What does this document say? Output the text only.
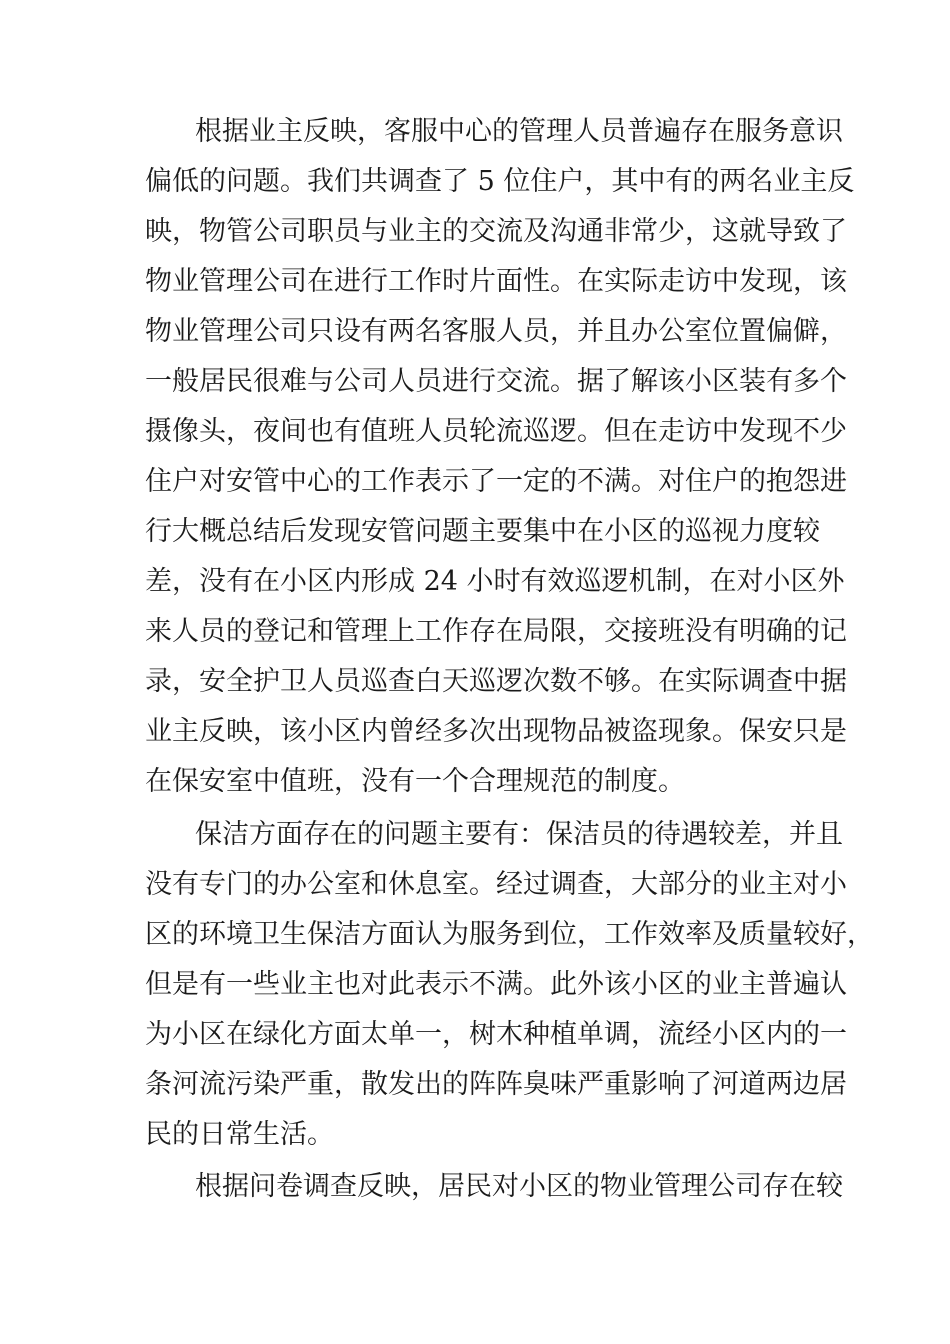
根据业主反映，客服中心的管理人员普遍存在服务意识
偏低的问题。我们共调查了 5 位住户，其中有的两名业主反
映，物管公司职员与业主的交流及沟通非常少，这就导致了
物业管理公司在进行工作时片面性。在实际走访中发现，该
物业管理公司只设有两名客服人员，并且办公室位置偏僻，
一般居民很难与公司人员进行交流。据了解该小区装有多个
摄像头，夜间也有值班人员轮流巡逻。但在走访中发现不少
住户对安管中心的工作表示了一定的不满。对住户的抱怨进
行大概总结后发现安管问题主要集中在小区的巡视力度较
差，没有在小区内形成 24 小时有效巡逻机制，在对小区外
来人员的登记和管理上工作存在局限，交接班没有明确的记
录，安全护卫人员巡查白天巡逻次数不够。在实际调查中据
业主反映，该小区内曾经多次出现物品被盗现象。保安只是
在保安室中值班，没有一个合理规范的制度。
保洁方面存在的问题主要有：保洁员的待遇较差，并且
没有专门的办公室和休息室。经过调查，大部分的业主对小
区的环境卫生保洁方面认为服务到位，工作效率及质量较好，
但是有一些业主也对此表示不满。此外该小区的业主普遍认
为小区在绿化方面太单一，树木种植单调，流经小区内的一
条河流污染严重，散发出的阵阵臭味严重影响了河道两边居
民的日常生活。
根据问卷调查反映，居民对小区的物业管理公司存在较
